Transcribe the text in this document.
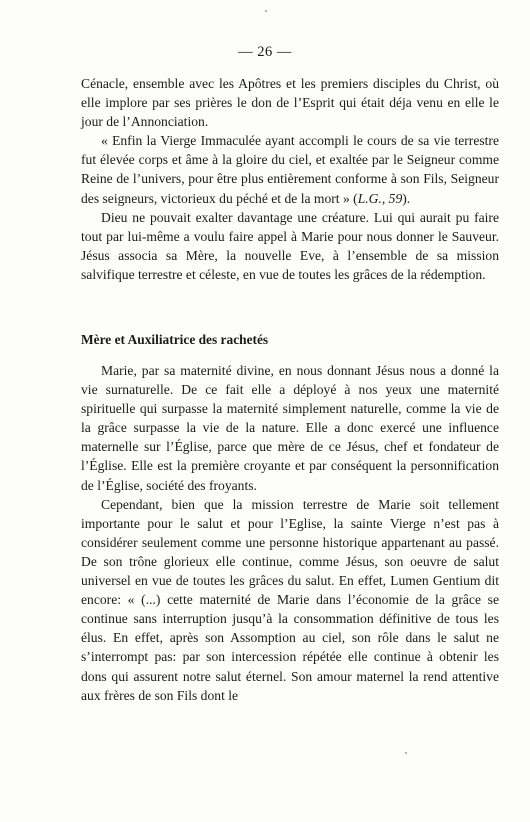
— 26 —

Cénacle, ensemble avec les Apôtres et les premiers disciples du Christ, où elle implore par ses prières le don de l’Esprit qui était déja venu en elle le jour de l’Annonciation.

« Enfin la Vierge Immaculée ayant accompli le cours de sa vie terrestre fut élevée corps et âme à la gloire du ciel, et exaltée par le Seigneur comme Reine de l’univers, pour être plus entièrement conforme à son Fils, Seigneur des seigneurs, victorieux du péché et de la mort » (L.G., 59).

Dieu ne pouvait exalter davantage une créature. Lui qui aurait pu faire tout par lui-même a voulu faire appel à Marie pour nous donner le Sauveur. Jésus associa sa Mère, la nouvelle Eve, à l’ensemble de sa mission salvifique terrestre et céleste, en vue de toutes les grâces de la rédemption.

Mère et Auxiliatrice des rachetés

Marie, par sa maternité divine, en nous donnant Jésus nous a donné la vie surnaturelle. De ce fait elle a déployé à nos yeux une maternité spirituelle qui surpasse la maternité simplement naturelle, comme la vie de la grâce surpasse la vie de la nature. Elle a donc exercé une influence maternelle sur l’Église, parce que mère de ce Jésus, chef et fondateur de l’Église. Elle est la première croyante et par conséquent la personnification de l’Église, société des froyants.

Cependant, bien que la mission terrestre de Marie soit tellement importante pour le salut et pour l’Eglise, la sainte Vierge n’est pas à considérer seulement comme une personne historique appartenant au passé. De son trône glorieux elle continue, comme Jésus, son oeuvre de salut universel en vue de toutes les grâces du salut. En effet, Lumen Gentium dit encore: « (...) cette maternité de Marie dans l’économie de la grâce se continue sans interruption jusqu’à la consommation définitive de tous les élus. En effet, après son Assomption au ciel, son rôle dans le salut ne s’interrompt pas: par son intercession répétée elle continue à obtenir les dons qui assurent notre salut éternel. Son amour maternel la rend attentive aux frères de son Fils dont le
